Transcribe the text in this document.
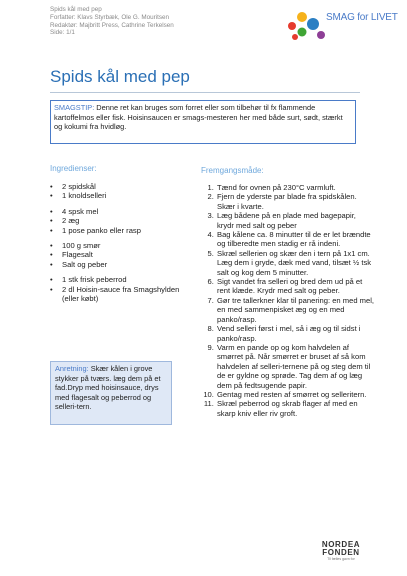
Spids kål med pep
Forfatter: Klavs Styrbæk, Ole G. Mouritsen
Redaktør: Majbritt Press, Cathrine Terkelsen
Side: 1/1
SMAG for LIVET
Spids kål med pep
SMAGSTIP: Denne ret kan bruges som forret eller som tilbehør til fx flammende kartoffelmos eller fisk. Hoisinsaucen er smags-mesteren her med både surt, sødt, stærkt og kokumi fra hvidløg.
Ingredienser:
• 2 spidskål
• 1 knoldselleri
• 4 spsk mel
• 2 æg
• 1 pose panko eller rasp
• 100 g smør
• Flagesalt
• Salt og peber
• 1 stk frisk peberrod
• 2 dl Hoisin-sauce fra Smagshylden (eller købt)
Anretning: Skær kålen i grove stykker på tværs. læg dem på et fad.Dryp med hoisinsauce, drys med flagesalt og peberrod og selleri-tern.
Fremgangsmåde:
1. Tænd for ovnen på 230°C varmluft.
2. Fjern de yderste par blade fra spidskålen. Skær i kvarte.
3. Læg bådene på en plade med bagepapir, krydr med salt og peber
4. Bag kålene ca. 8 minutter til de er let brændte og tilberedte men stadig er rå indeni.
5. Skræl sellerien og skær den i tern på 1x1 cm. Læg dem i gryde, dæk med vand, tilsæt ½ tsk salt og kog dem 5 minutter.
6. Sigt vandet fra selleri og bred dem ud på et rent klæde. Krydr med salt og peber.
7. Gør tre tallerkner klar til panering: en med mel, en med sammenpisket æg og en med panko/rasp.
8. Vend selleri først i mel, så i æg og til sidst i panko/rasp.
9. Varm en pande op og kom halvdelen af smørret på. Når smørret er bruset af så kom halvdelen af selleri-ternene på og steg dem til de er gyldne og sprøde. Tag dem af og læg dem på fedtsugende papir.
10. Gentag med resten af smørret og selleritern.
11. Skræl peberrod og skrab flager af med en skarp kniv eller riv groft.
NORDEA FONDEN
Til fælles gavn for
